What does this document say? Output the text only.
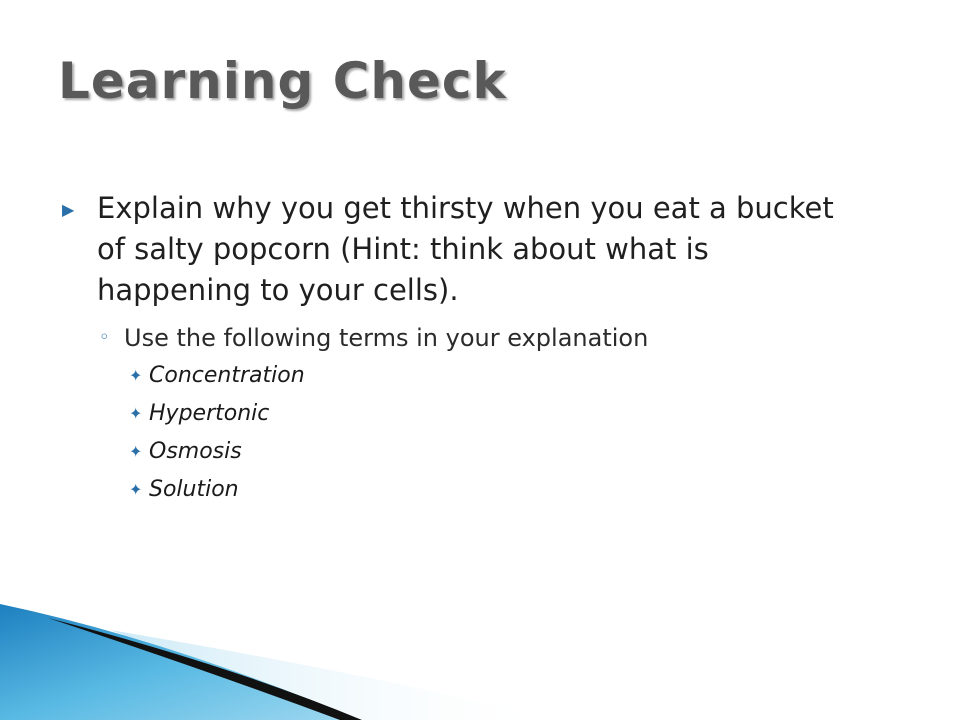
Learning Check
▶ Explain why you get thirsty when you eat a bucket of salty popcorn (Hint: think about what is happening to your cells).
◦ Use the following terms in your explanation
✦ Concentration
✦ Hypertonic
✦ Osmosis
✦ Solution
